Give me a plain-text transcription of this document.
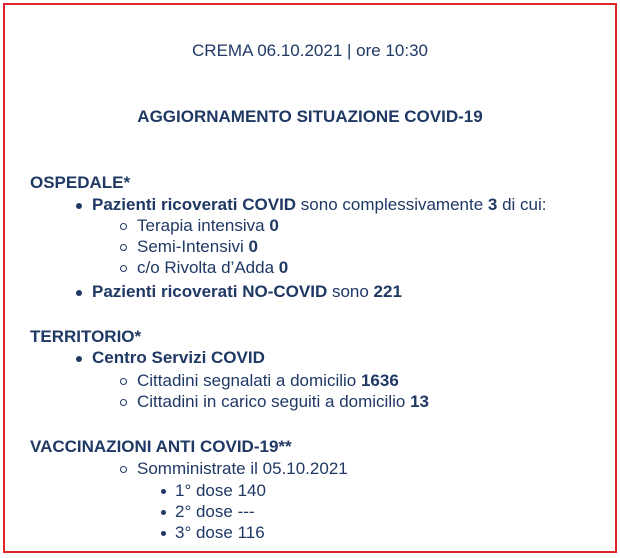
CREMA 06.10.2021 | ore 10:30
AGGIORNAMENTO SITUAZIONE COVID-19
OSPEDALE*
Pazienti ricoverati COVID sono complessivamente 3 di cui:
Terapia intensiva 0
Semi-Intensivi 0
c/o Rivolta d’Adda 0
Pazienti ricoverati NO-COVID sono 221
TERRITORIO*
Centro Servizi COVID
Cittadini segnalati a domicilio 1636
Cittadini in carico seguiti a domicilio 13
VACCINAZIONI ANTI COVID-19**
Somministrate il 05.10.2021
1° dose 140
2° dose ---
3° dose 116
